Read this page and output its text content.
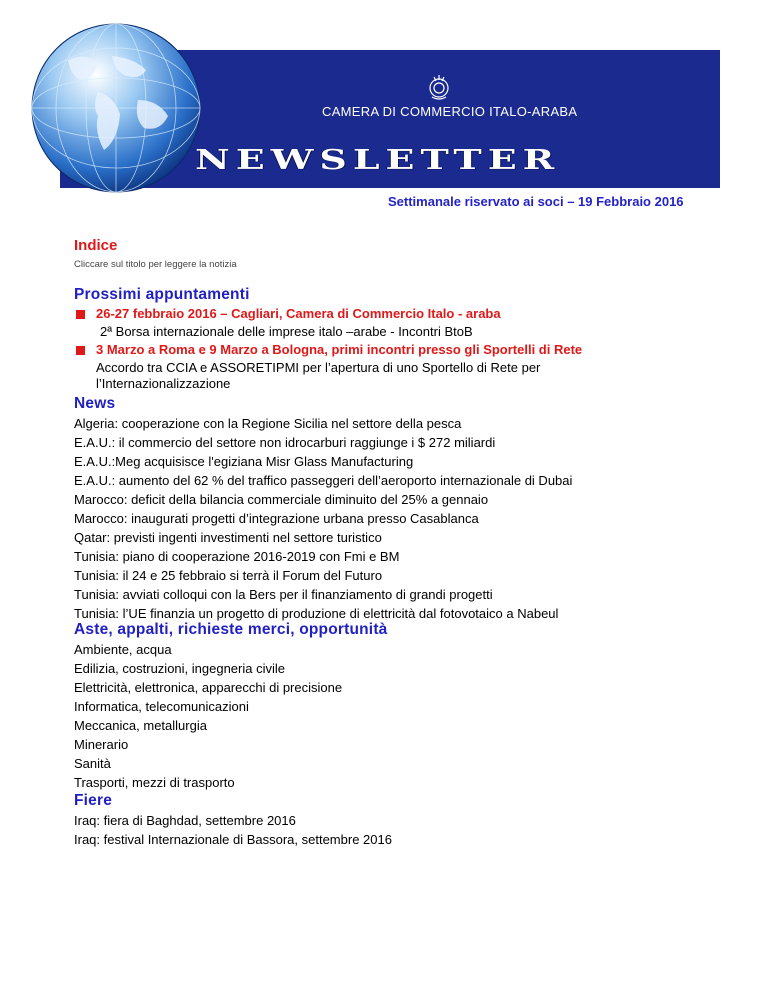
CAMERA DI COMMERCIO ITALO-ARABA
NEWSLETTER
Settimanale riservato ai soci – 19 Febbraio 2016
Indice
Cliccare sul titolo per leggere la notizia
Prossimi appuntamenti
26-27 febbraio 2016 – Cagliari, Camera di Commercio Italo - araba
2ª Borsa internazionale delle imprese italo –arabe - Incontri BtoB
3 Marzo a Roma e 9 Marzo a Bologna, primi incontri presso gli Sportelli di Rete
Accordo tra CCIA e ASSORETIPMI per l’apertura di uno Sportello di Rete per l’Internazionalizzazione
News
Algeria: cooperazione con la Regione Sicilia nel settore della pesca
E.A.U.: il commercio del settore non idrocarburi raggiunge i $ 272 miliardi
E.A.U.:Meg acquisisce l'egiziana Misr Glass Manufacturing
E.A.U.: aumento del 62 % del traffico passeggeri dell’aeroporto internazionale di Dubai
Marocco: deficit della bilancia commerciale diminuito del 25% a gennaio
Marocco: inaugurati progetti d’integrazione urbana presso Casablanca
Qatar: previsti ingenti investimenti nel settore turistico
Tunisia: piano di cooperazione 2016-2019 con Fmi e BM
Tunisia: il 24 e 25 febbraio si terrà il Forum del Futuro
Tunisia: avviati colloqui con la Bers per il finanziamento di grandi progetti
Tunisia: l’UE finanzia un progetto di produzione di elettricità dal fotovotaico a Nabeul
Aste, appalti, richieste merci, opportunità
Ambiente, acqua
Edilizia, costruzioni, ingegneria civile
Elettricità, elettronica, apparecchi di precisione
Informatica, telecomunicazioni
Meccanica, metallurgia
Minerario
Sanità
Trasporti, mezzi di trasporto
Fiere
Iraq: fiera di Baghdad, settembre 2016
Iraq: festival Internazionale di Bassora, settembre 2016
